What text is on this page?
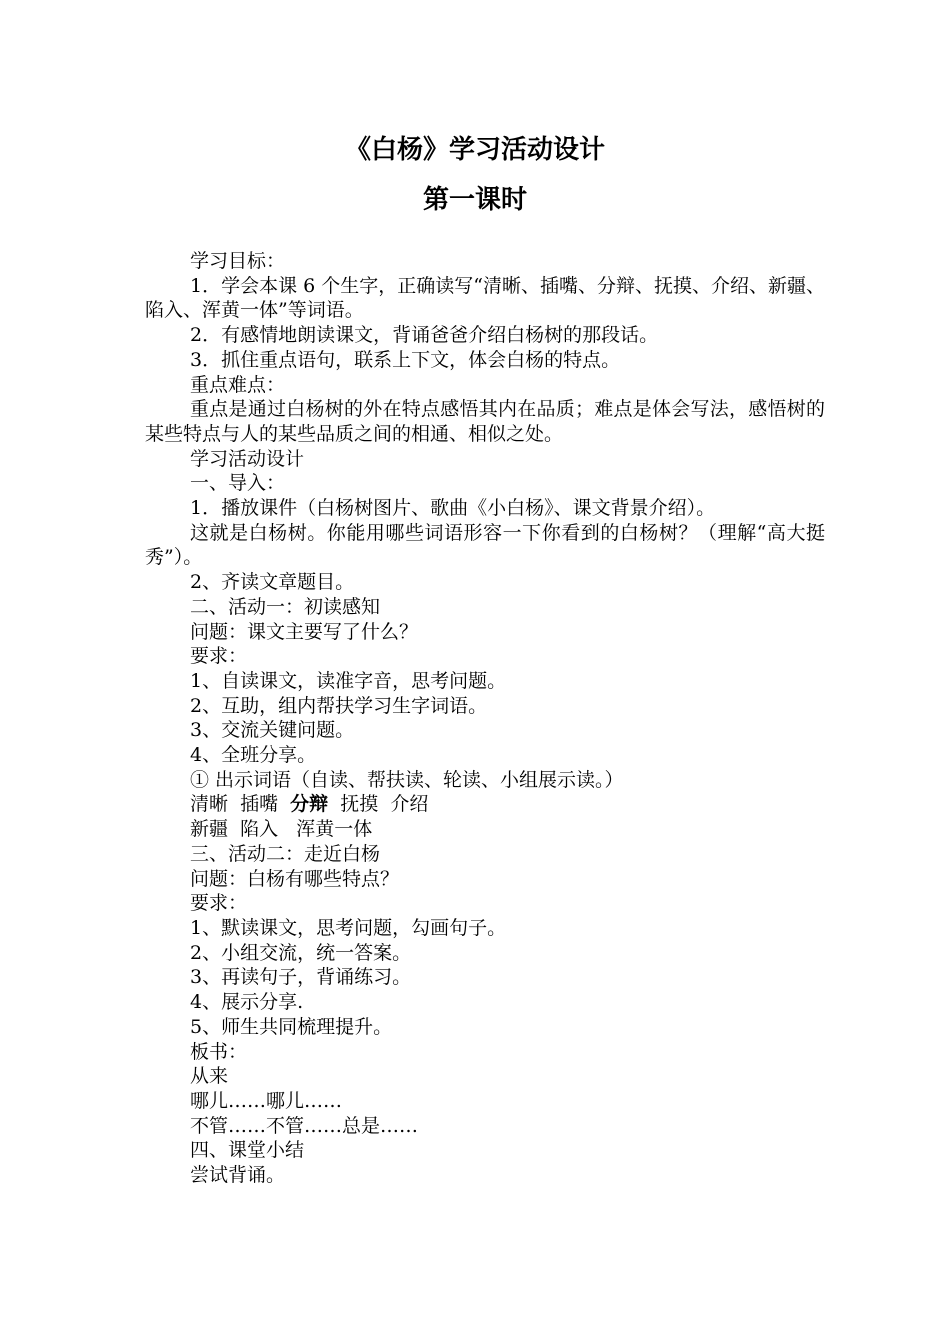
《白杨》学习活动设计
第一课时

学习目标：

1．学会本课 6 个生字，正确读写“清晰、插嘴、分辩、抚摸、介绍、新疆、陷入、浑黄一体”等词语。

2．有感情地朗读课文，背诵爸爸介绍白杨树的那段话。

3．抓住重点语句，联系上下文，体会白杨的特点。

重点难点：

重点是通过白杨树的外在特点感悟其内在品质；难点是体会写法，感悟树的某些特点与人的某些品质之间的相通、相似之处。

学习活动设计

一、导入：

1．播放课件（白杨树图片、歌曲《小白杨》、课文背景介绍）。

这就是白杨树。你能用哪些词语形容一下你看到的白杨树？（理解“高大挺秀”）。

2、齐读文章题目。

二、活动一：初读感知

问题：课文主要写了什么？

要求：

1、自读课文，读准字音，思考问题。

2、互助，组内帮扶学习生字词语。

3、交流关键问题。

4、全班分享。

① 出示词语（自读、帮扶读、轮读、小组展示读。）

清晰  插嘴  分辩  抚摸  介绍

新疆  陷入   浑黄一体

三、活动二：走近白杨

问题：白杨有哪些特点？

要求：

1、默读课文，思考问题，勾画句子。

2、小组交流，统一答案。

3、再读句子，背诵练习。

4、展示分享.

5、师生共同梳理提升。

板书：

从来

哪儿……哪儿……

不管……不管……总是……

四、课堂小结

尝试背诵。
